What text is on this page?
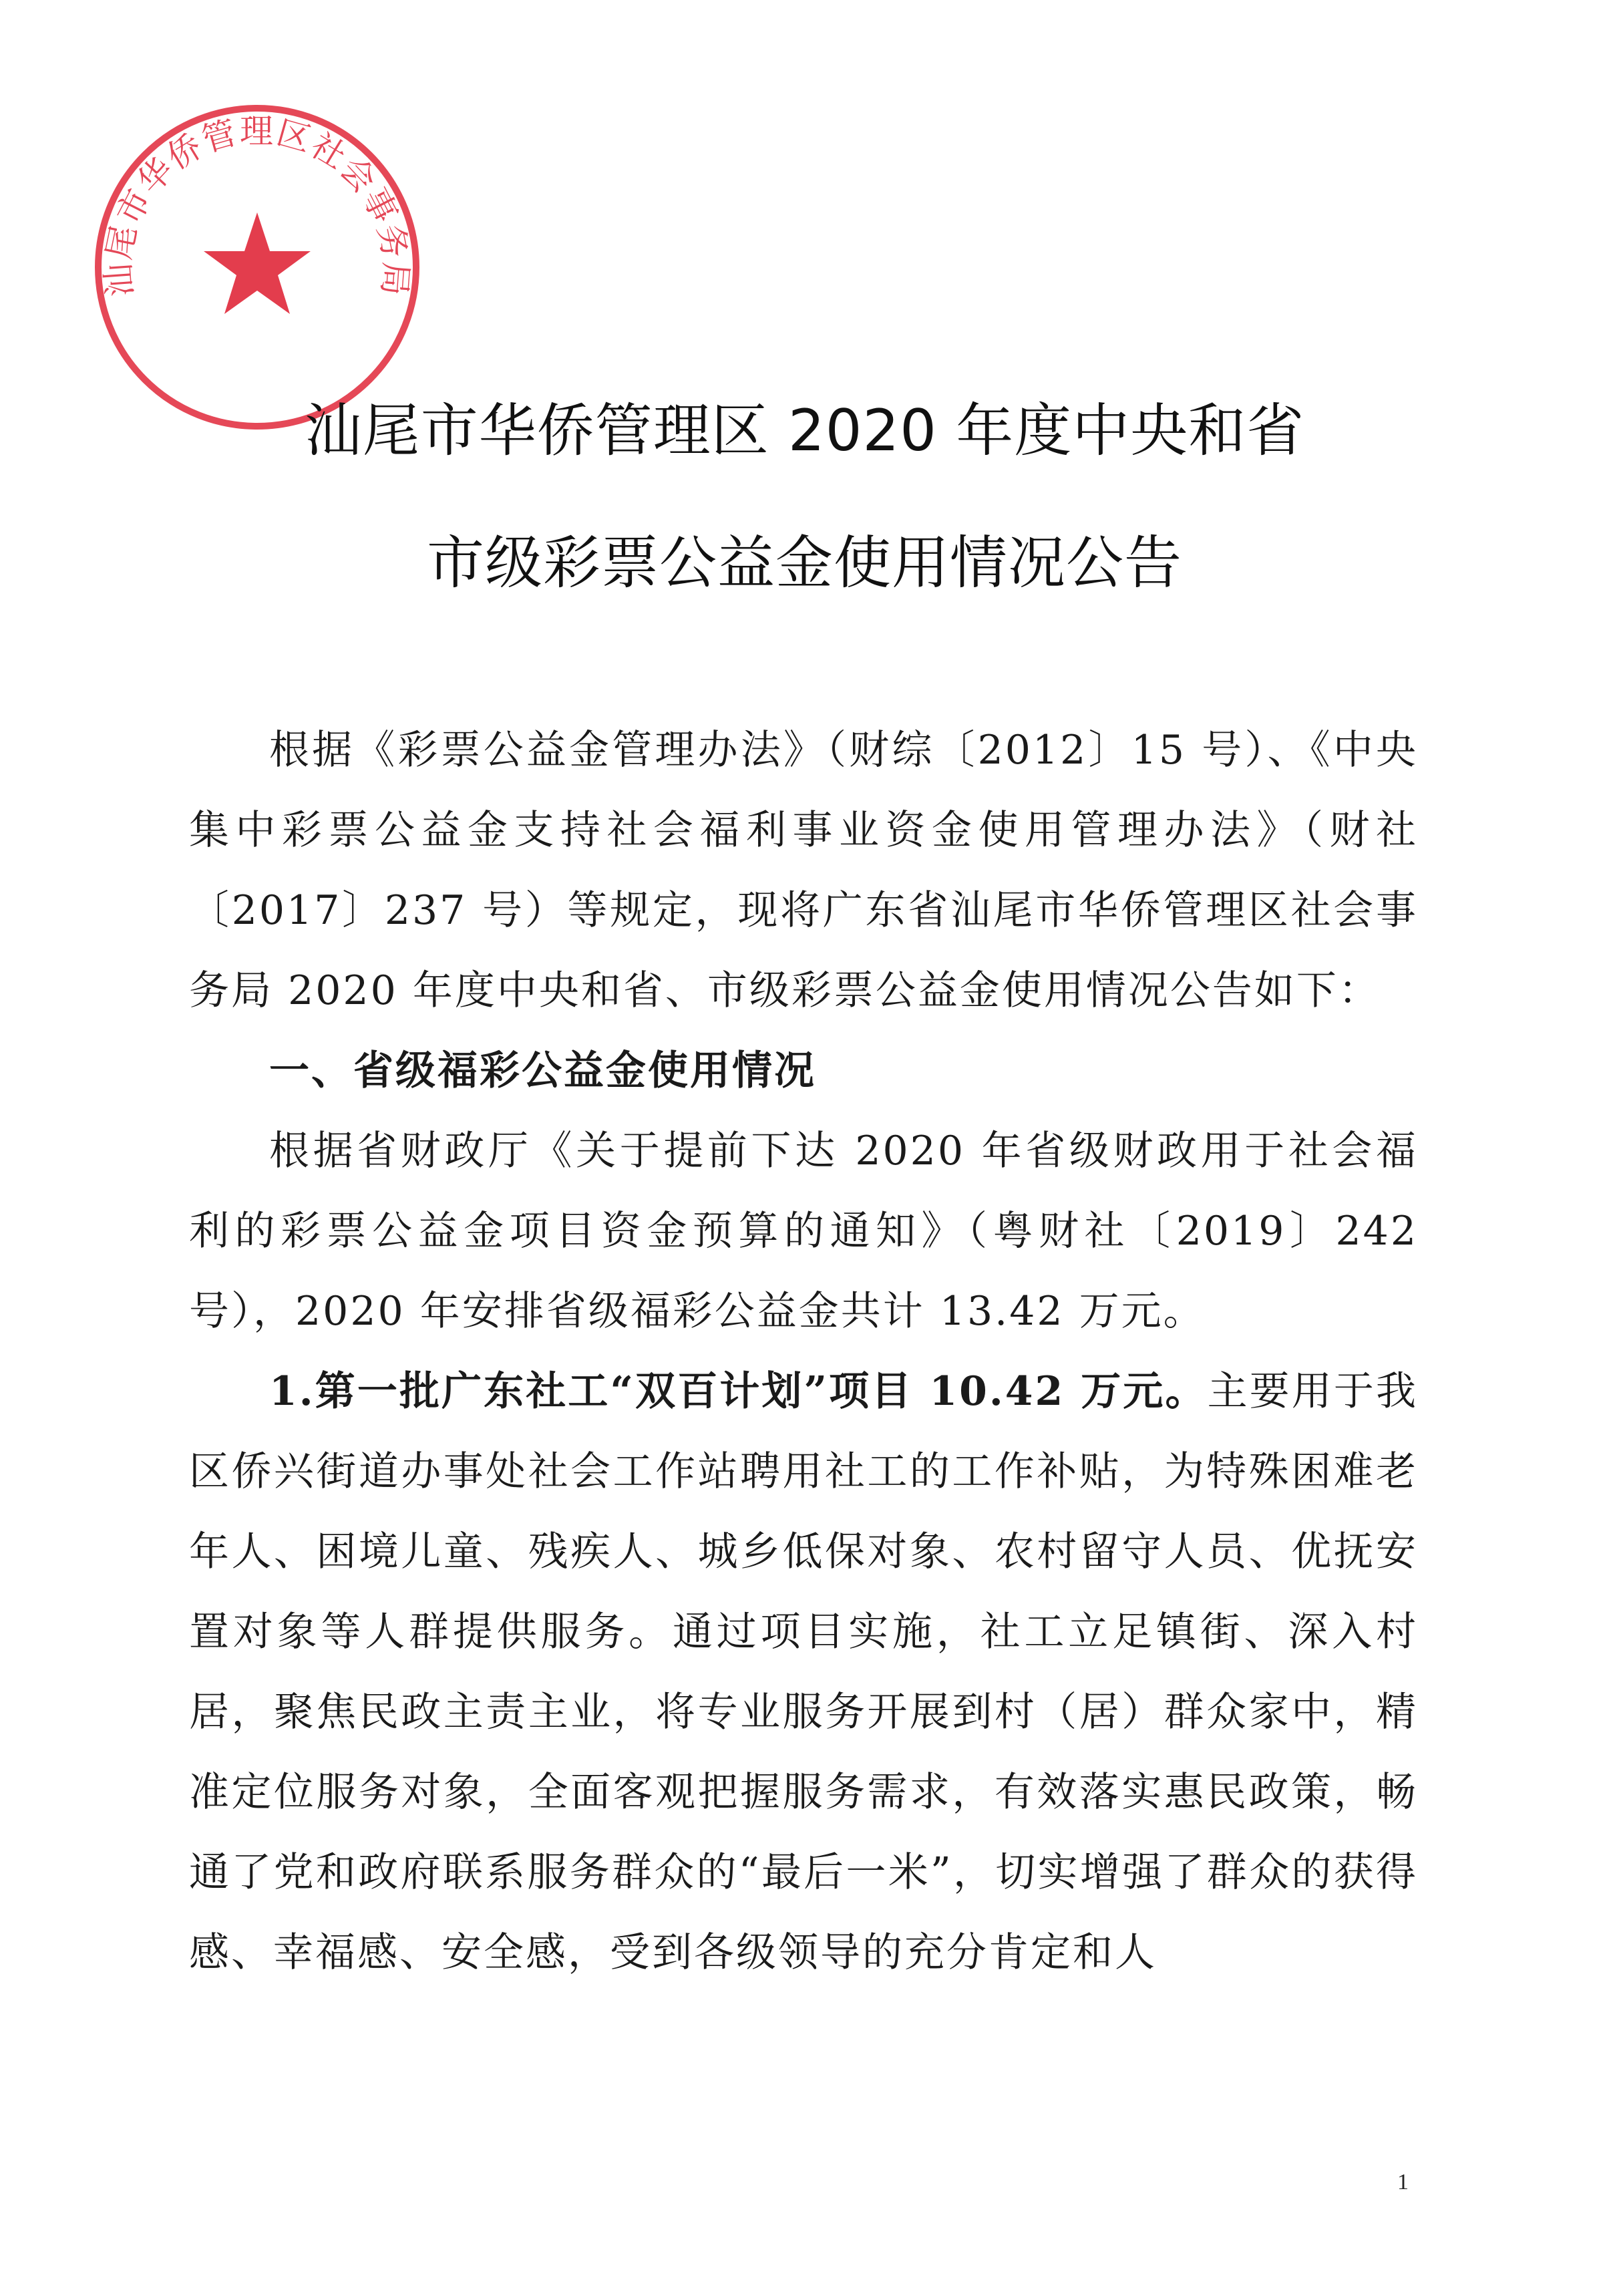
汕尾市华侨管理区社会事务局
汕尾市华侨管理区 2020 年度中央和省
市级彩票公益金使用情况公告

根据《彩票公益金管理办法》（财综〔2012〕15 号）、《中央集中彩票公益金支持社会福利事业资金使用管理办法》（财社〔2017〕237 号）等规定，现将广东省汕尾市华侨管理区社会事务局 2020 年度中央和省、市级彩票公益金使用情况公告如下：

一、省级福彩公益金使用情况

根据省财政厅《关于提前下达 2020 年省级财政用于社会福利的彩票公益金项目资金预算的通知》（粤财社〔2019〕242 号），2020 年安排省级福彩公益金共计 13.42 万元。

1.第一批广东社工“双百计划”项目 10.42 万元。主要用于我区侨兴街道办事处社会工作站聘用社工的工作补贴，为特殊困难老年人、困境儿童、残疾人、城乡低保对象、农村留守人员、优抚安置对象等人群提供服务。通过项目实施，社工立足镇街、深入村居，聚焦民政主责主业，将专业服务开展到村（居）群众家中，精准定位服务对象，全面客观把握服务需求，有效落实惠民政策，畅通了党和政府联系服务群众的“最后一米”，切实增强了群众的获得感、幸福感、安全感，受到各级领导的充分肯定和人

1
